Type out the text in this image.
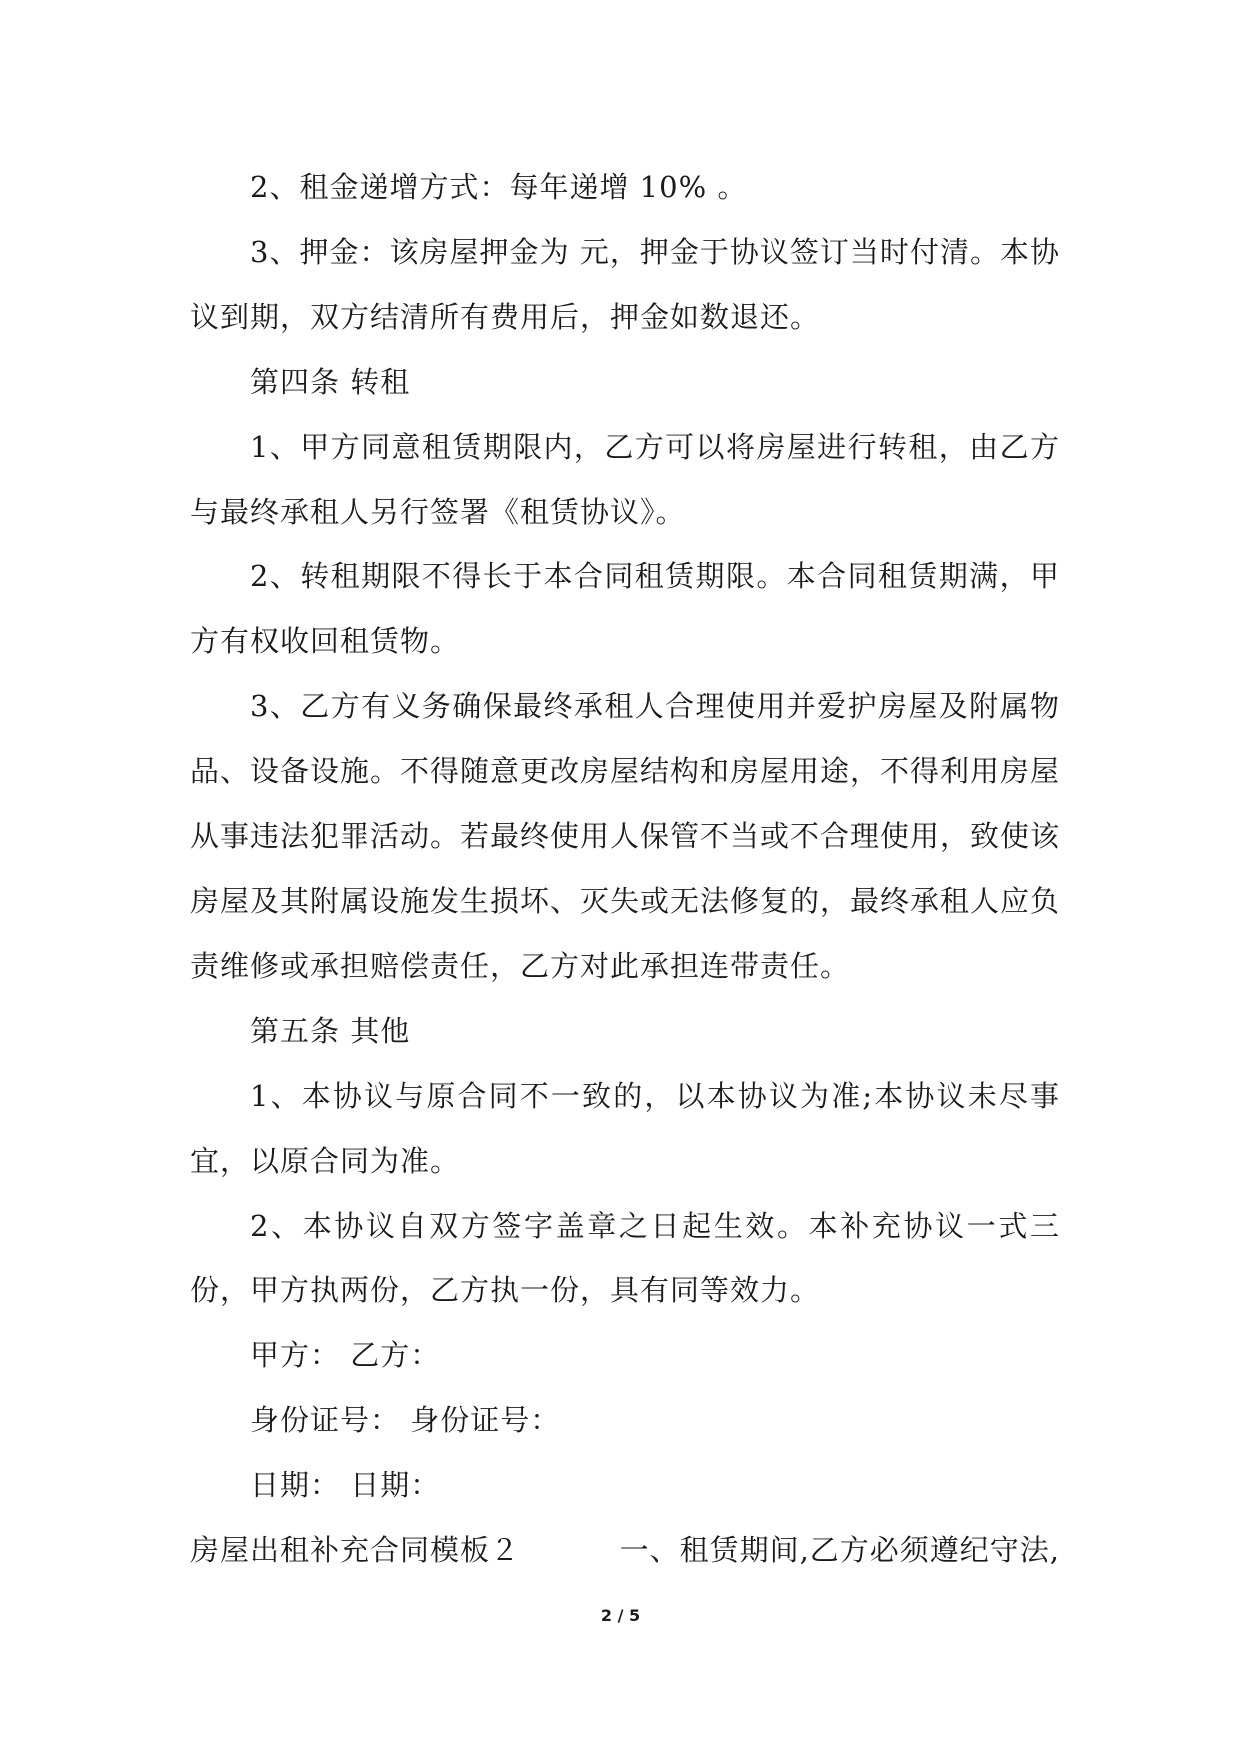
2、租金递增方式：每年递增 10% 。

3、押金：该房屋押金为 元，押金于协议签订当时付清。本协议到期，双方结清所有费用后，押金如数退还。

第四条 转租

1、甲方同意租赁期限内，乙方可以将房屋进行转租，由乙方与最终承租人另行签署《租赁协议》。

2、转租期限不得长于本合同租赁期限。本合同租赁期满，甲方有权收回租赁物。

3、乙方有义务确保最终承租人合理使用并爱护房屋及附属物品、设备设施。不得随意更改房屋结构和房屋用途，不得利用房屋从事违法犯罪活动。若最终使用人保管不当或不合理使用，致使该房屋及其附属设施发生损坏、灭失或无法修复的，最终承租人应负责维修或承担赔偿责任，乙方对此承担连带责任。

第五条 其他

1、本协议与原合同不一致的，以本协议为准;本协议未尽事宜，以原合同为准。

2、本协议自双方签字盖章之日起生效。本补充协议一式三份，甲方执两份，乙方执一份，具有同等效力。

甲方： 乙方：

身份证号： 身份证号：

日期： 日期：

房屋出租补充合同模板２	一、租赁期间,乙方必须遵纪守法,

2 / 5
